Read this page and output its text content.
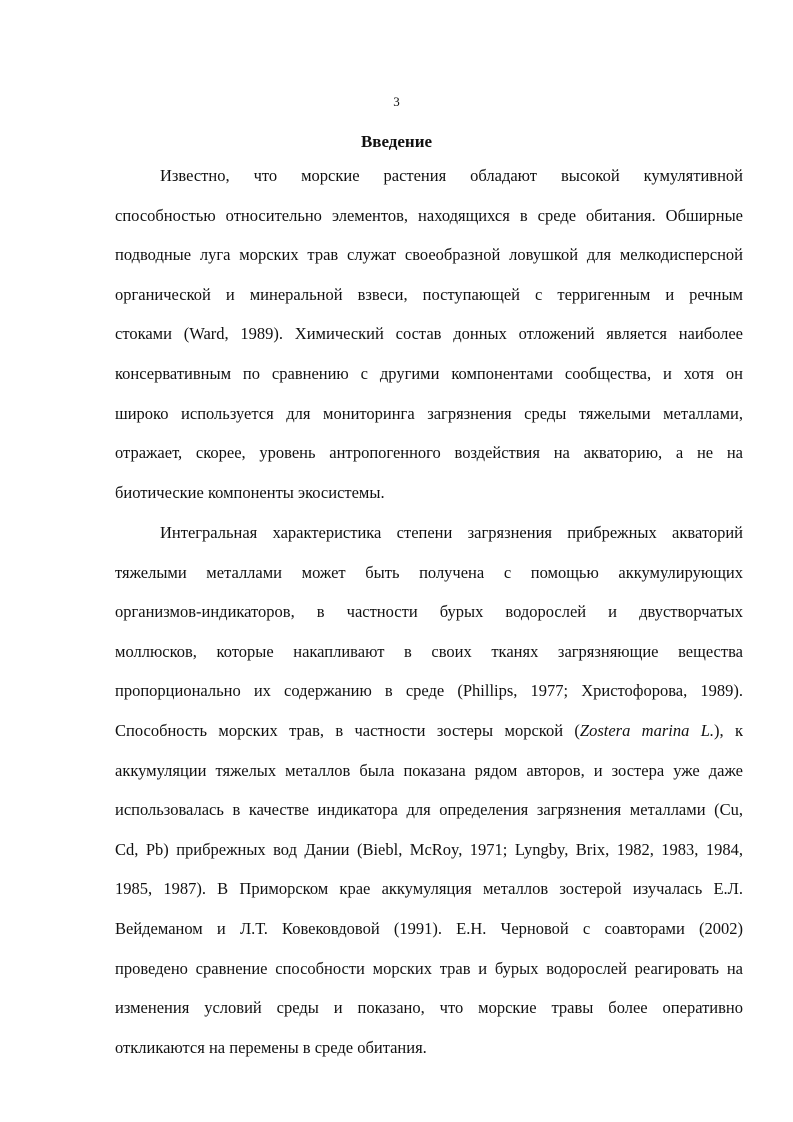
3
Введение
Известно, что морские растения обладают высокой кумулятивной
способностью относительно элементов, находящихся в среде обитания. Обширные
подводные луга морских трав служат своеобразной ловушкой для мелкодисперсной
органической и минеральной взвеси, поступающей с терригенным и речным
стоками (Ward, 1989). Химический состав донных отложений является наиболее
консервативным по сравнению с другими компонентами сообщества, и хотя он
широко используется для мониторинга загрязнения среды тяжелыми металлами,
отражает, скорее, уровень антропогенного воздействия на акваторию, а не на
биотические компоненты экосистемы.
Интегральная характеристика степени загрязнения прибрежных акваторий
тяжелыми металлами может быть получена с помощью аккумулирующих
организмов-индикаторов, в частности бурых водорослей и двустворчатых
моллюсков, которые накапливают в своих тканях загрязняющие вещества
пропорционально их содержанию в среде (Phillips, 1977; Христофорова, 1989).
Способность морских трав, в частности зостеры морской (Zostera marina L.), к
аккумуляции тяжелых металлов была показана рядом авторов, и зостера уже даже
использовалась в качестве индикатора для определения загрязнения металлами (Cu,
Cd, Pb) прибрежных вод Дании (Biebl, McRoy, 1971; Lyngby, Brix, 1982, 1983, 1984,
1985, 1987). В Приморском крае аккумуляция металлов зостерой изучалась Е.Л.
Вейдеманом и Л.Т. Ковековдовой (1991). Е.Н. Черновой с соавторами (2002)
проведено сравнение способности морских трав и бурых водорослей реагировать на
изменения условий среды и показано, что морские травы более оперативно
откликаются на перемены в среде обитания.
